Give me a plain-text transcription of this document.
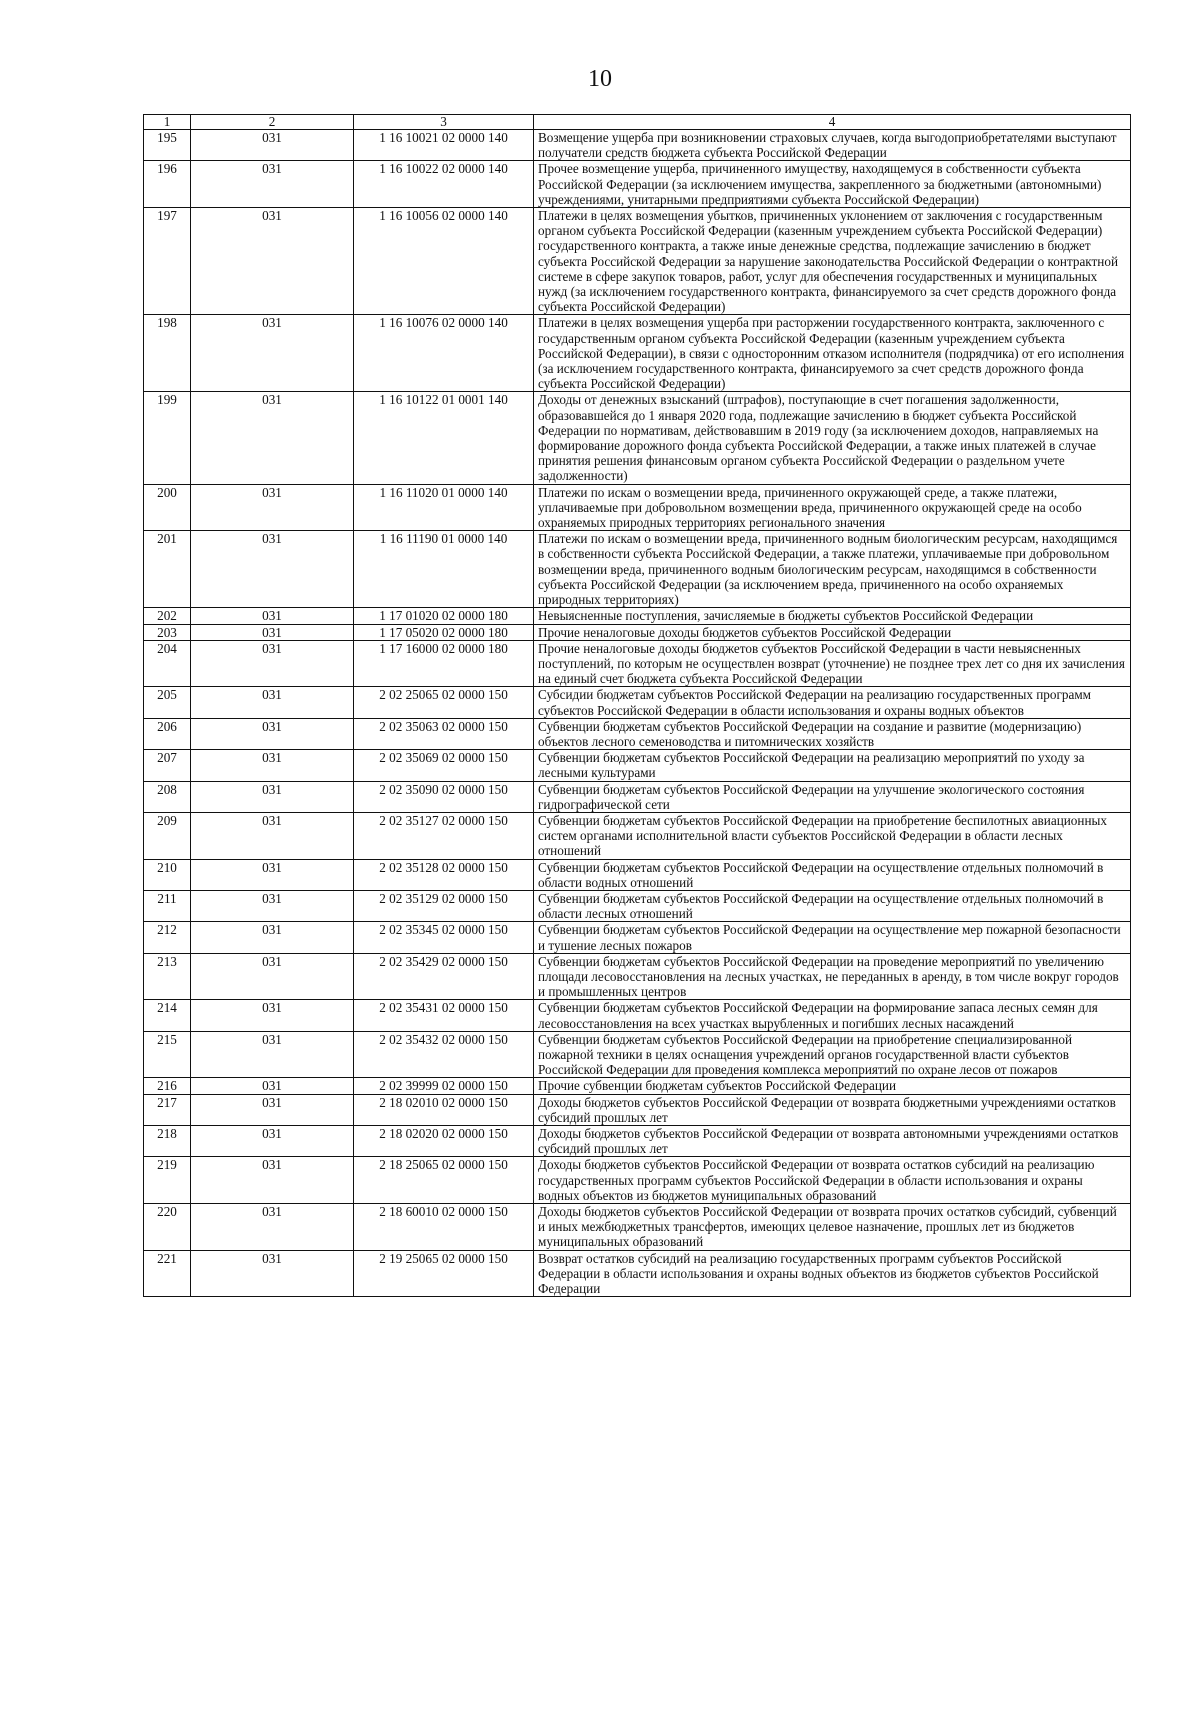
10
1	2	3	4
195	031	1 16 10021 02 0000 140	Возмещение ущерба при возникновении страховых случаев, когда выгодоприобретателями выступают получатели средств бюджета субъекта Российской Федерации
196	031	1 16 10022 02 0000 140	Прочее возмещение ущерба, причиненного имуществу, находящемуся в собственности субъекта Российской Федерации (за исключением имущества, закрепленного за бюджетными (автономными) учреждениями, унитарными предприятиями субъекта Российской Федерации)
197	031	1 16 10056 02 0000 140	Платежи в целях возмещения убытков, причиненных уклонением от заключения с государственным органом субъекта Российской Федерации (казенным учреждением субъекта Российской Федерации) государственного контракта, а также иные денежные средства, подлежащие зачислению в бюджет субъекта Российской Федерации за нарушение законодательства Российской Федерации о контрактной системе в сфере закупок товаров, работ, услуг для обеспечения государственных и муниципальных нужд (за исключением государственного контракта, финансируемого за счет средств дорожного фонда субъекта Российской Федерации)
198	031	1 16 10076 02 0000 140	Платежи в целях возмещения ущерба при расторжении государственного контракта, заключенного с государственным органом субъекта Российской Федерации (казенным учреждением субъекта Российской Федерации), в связи с односторонним отказом исполнителя (подрядчика) от его исполнения (за исключением государственного контракта, финансируемого за счет средств дорожного фонда субъекта Российской Федерации)
199	031	1 16 10122 01 0001 140	Доходы от денежных взысканий (штрафов), поступающие в счет погашения задолженности, образовавшейся до 1 января 2020 года, подлежащие зачислению в бюджет субъекта Российской Федерации по нормативам, действовавшим в 2019 году (за исключением доходов, направляемых на формирование дорожного фонда субъекта Российской Федерации, а также иных платежей в случае принятия решения финансовым органом субъекта Российской Федерации о раздельном учете задолженности)
200	031	1 16 11020 01 0000 140	Платежи по искам о возмещении вреда, причиненного окружающей среде, а также платежи, уплачиваемые при добровольном возмещении вреда, причиненного окружающей среде на особо охраняемых природных территориях регионального значения
201	031	1 16 11190 01 0000 140	Платежи по искам о возмещении вреда, причиненного водным биологическим ресурсам, находящимся в собственности субъекта Российской Федерации, а также платежи, уплачиваемые при добровольном возмещении вреда, причиненного водным биологическим ресурсам, находящимся в собственности субъекта Российской Федерации (за исключением вреда, причиненного на особо охраняемых природных территориях)
202	031	1 17 01020 02 0000 180	Невыясненные поступления, зачисляемые в бюджеты субъектов Российской Федерации
203	031	1 17 05020 02 0000 180	Прочие неналоговые доходы бюджетов субъектов Российской Федерации
204	031	1 17 16000 02 0000 180	Прочие неналоговые доходы бюджетов субъектов Российской Федерации в части невыясненных поступлений, по которым не осуществлен возврат (уточнение) не позднее трех лет со дня их зачисления на единый счет бюджета субъекта Российской Федерации
205	031	2 02 25065 02 0000 150	Субсидии бюджетам субъектов Российской Федерации на реализацию государственных программ субъектов Российской Федерации в области использования и охраны водных объектов
206	031	2 02 35063 02 0000 150	Субвенции бюджетам субъектов Российской Федерации на создание и развитие (модернизацию) объектов лесного семеноводства и питомнических хозяйств
207	031	2 02 35069 02 0000 150	Субвенции бюджетам субъектов Российской Федерации на реализацию мероприятий по уходу за лесными культурами
208	031	2 02 35090 02 0000 150	Субвенции бюджетам субъектов Российской Федерации на улучшение экологического состояния гидрографической сети
209	031	2 02 35127 02 0000 150	Субвенции бюджетам субъектов Российской Федерации на приобретение беспилотных авиационных систем органами исполнительной власти субъектов Российской Федерации в области лесных отношений
210	031	2 02 35128 02 0000 150	Субвенции бюджетам субъектов Российской Федерации на осуществление отдельных полномочий в области водных отношений
211	031	2 02 35129 02 0000 150	Субвенции бюджетам субъектов Российской Федерации на осуществление отдельных полномочий в области лесных отношений
212	031	2 02 35345 02 0000 150	Субвенции бюджетам субъектов Российской Федерации на осуществление мер пожарной безопасности и тушение лесных пожаров
213	031	2 02 35429 02 0000 150	Субвенции бюджетам субъектов Российской Федерации на проведение мероприятий по увеличению площади лесовосстановления на лесных участках, не переданных в аренду, в том числе вокруг городов и промышленных центров
214	031	2 02 35431 02 0000 150	Субвенции бюджетам субъектов Российской Федерации на формирование запаса лесных семян для лесовосстановления на всех участках вырубленных и погибших лесных насаждений
215	031	2 02 35432 02 0000 150	Субвенции бюджетам субъектов Российской Федерации на приобретение специализированной пожарной техники в целях оснащения учреждений органов государственной власти субъектов Российской Федерации для проведения комплекса мероприятий по охране лесов от пожаров
216	031	2 02 39999 02 0000 150	Прочие субвенции бюджетам субъектов Российской Федерации
217	031	2 18 02010 02 0000 150	Доходы бюджетов субъектов Российской Федерации от возврата бюджетными учреждениями остатков субсидий прошлых лет
218	031	2 18 02020 02 0000 150	Доходы бюджетов субъектов Российской Федерации от возврата автономными учреждениями остатков субсидий прошлых лет
219	031	2 18 25065 02 0000 150	Доходы бюджетов субъектов Российской Федерации от возврата остатков субсидий на реализацию государственных программ субъектов Российской Федерации в области использования и охраны водных объектов из бюджетов муниципальных образований
220	031	2 18 60010 02 0000 150	Доходы бюджетов субъектов Российской Федерации от возврата прочих остатков субсидий, субвенций и иных межбюджетных трансфертов, имеющих целевое назначение, прошлых лет из бюджетов муниципальных образований
221	031	2 19 25065 02 0000 150	Возврат остатков субсидий на реализацию государственных программ субъектов Российской Федерации в области использования и охраны водных объектов из бюджетов субъектов Российской Федерации
